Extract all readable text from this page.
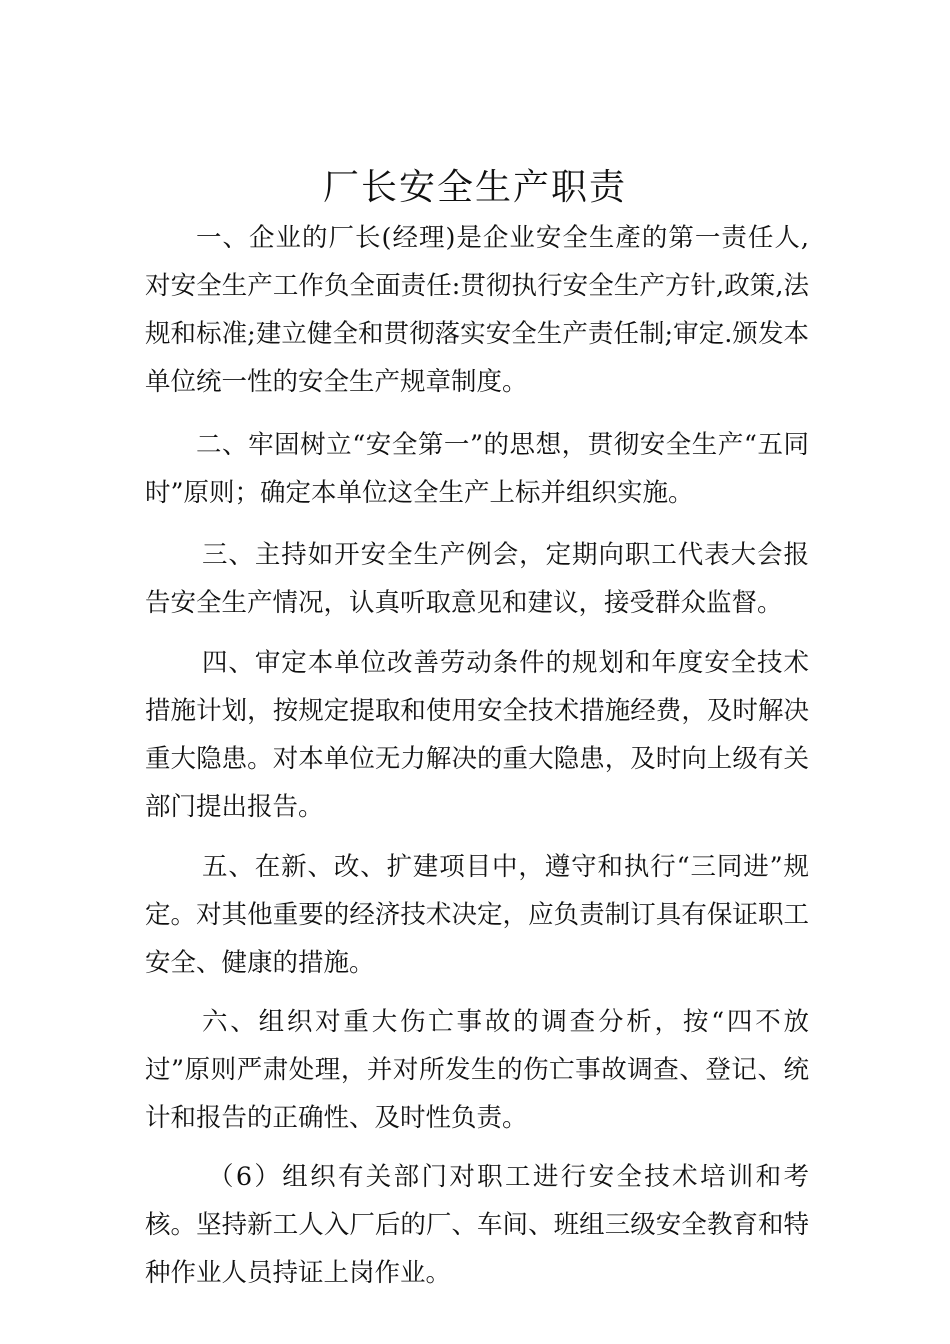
厂长安全生产职责

一、企业的厂长(经理)是企业安全生產的第一责任人,对安全生产工作负全面责任:贯彻执行安全生产方针,政策,法规和标准;建立健全和贯彻落实安全生产责任制;审定.颁发本单位统一性的安全生产规章制度。

二、牢固树立“安全第一”的思想，贯彻安全生产“五同时”原则；确定本单位这全生产上标并组织实施。

三、主持如开安全生产例会，定期向职工代表大会报告安全生产情况，认真听取意见和建议，接受群众监督。

四、审定本单位改善劳动条件的规划和年度安全技术措施计划，按规定提取和使用安全技术措施经费，及时解决重大隐患。对本单位无力解决的重大隐患，及时向上级有关部门提出报告。

五、在新、改、扩建项目中，遵守和执行“三同进”规定。对其他重要的经济技术决定，应负责制订具有保证职工安全、健康的措施。

六、组织对重大伤亡事故的调查分析，按“四不放过”原则严肃处理，并对所发生的伤亡事故调查、登记、统计和报告的正确性、及时性负责。

（6）组织有关部门对职工进行安全技术培训和考核。坚持新工人入厂后的厂、车间、班组三级安全教育和特种作业人员持证上岗作业。
